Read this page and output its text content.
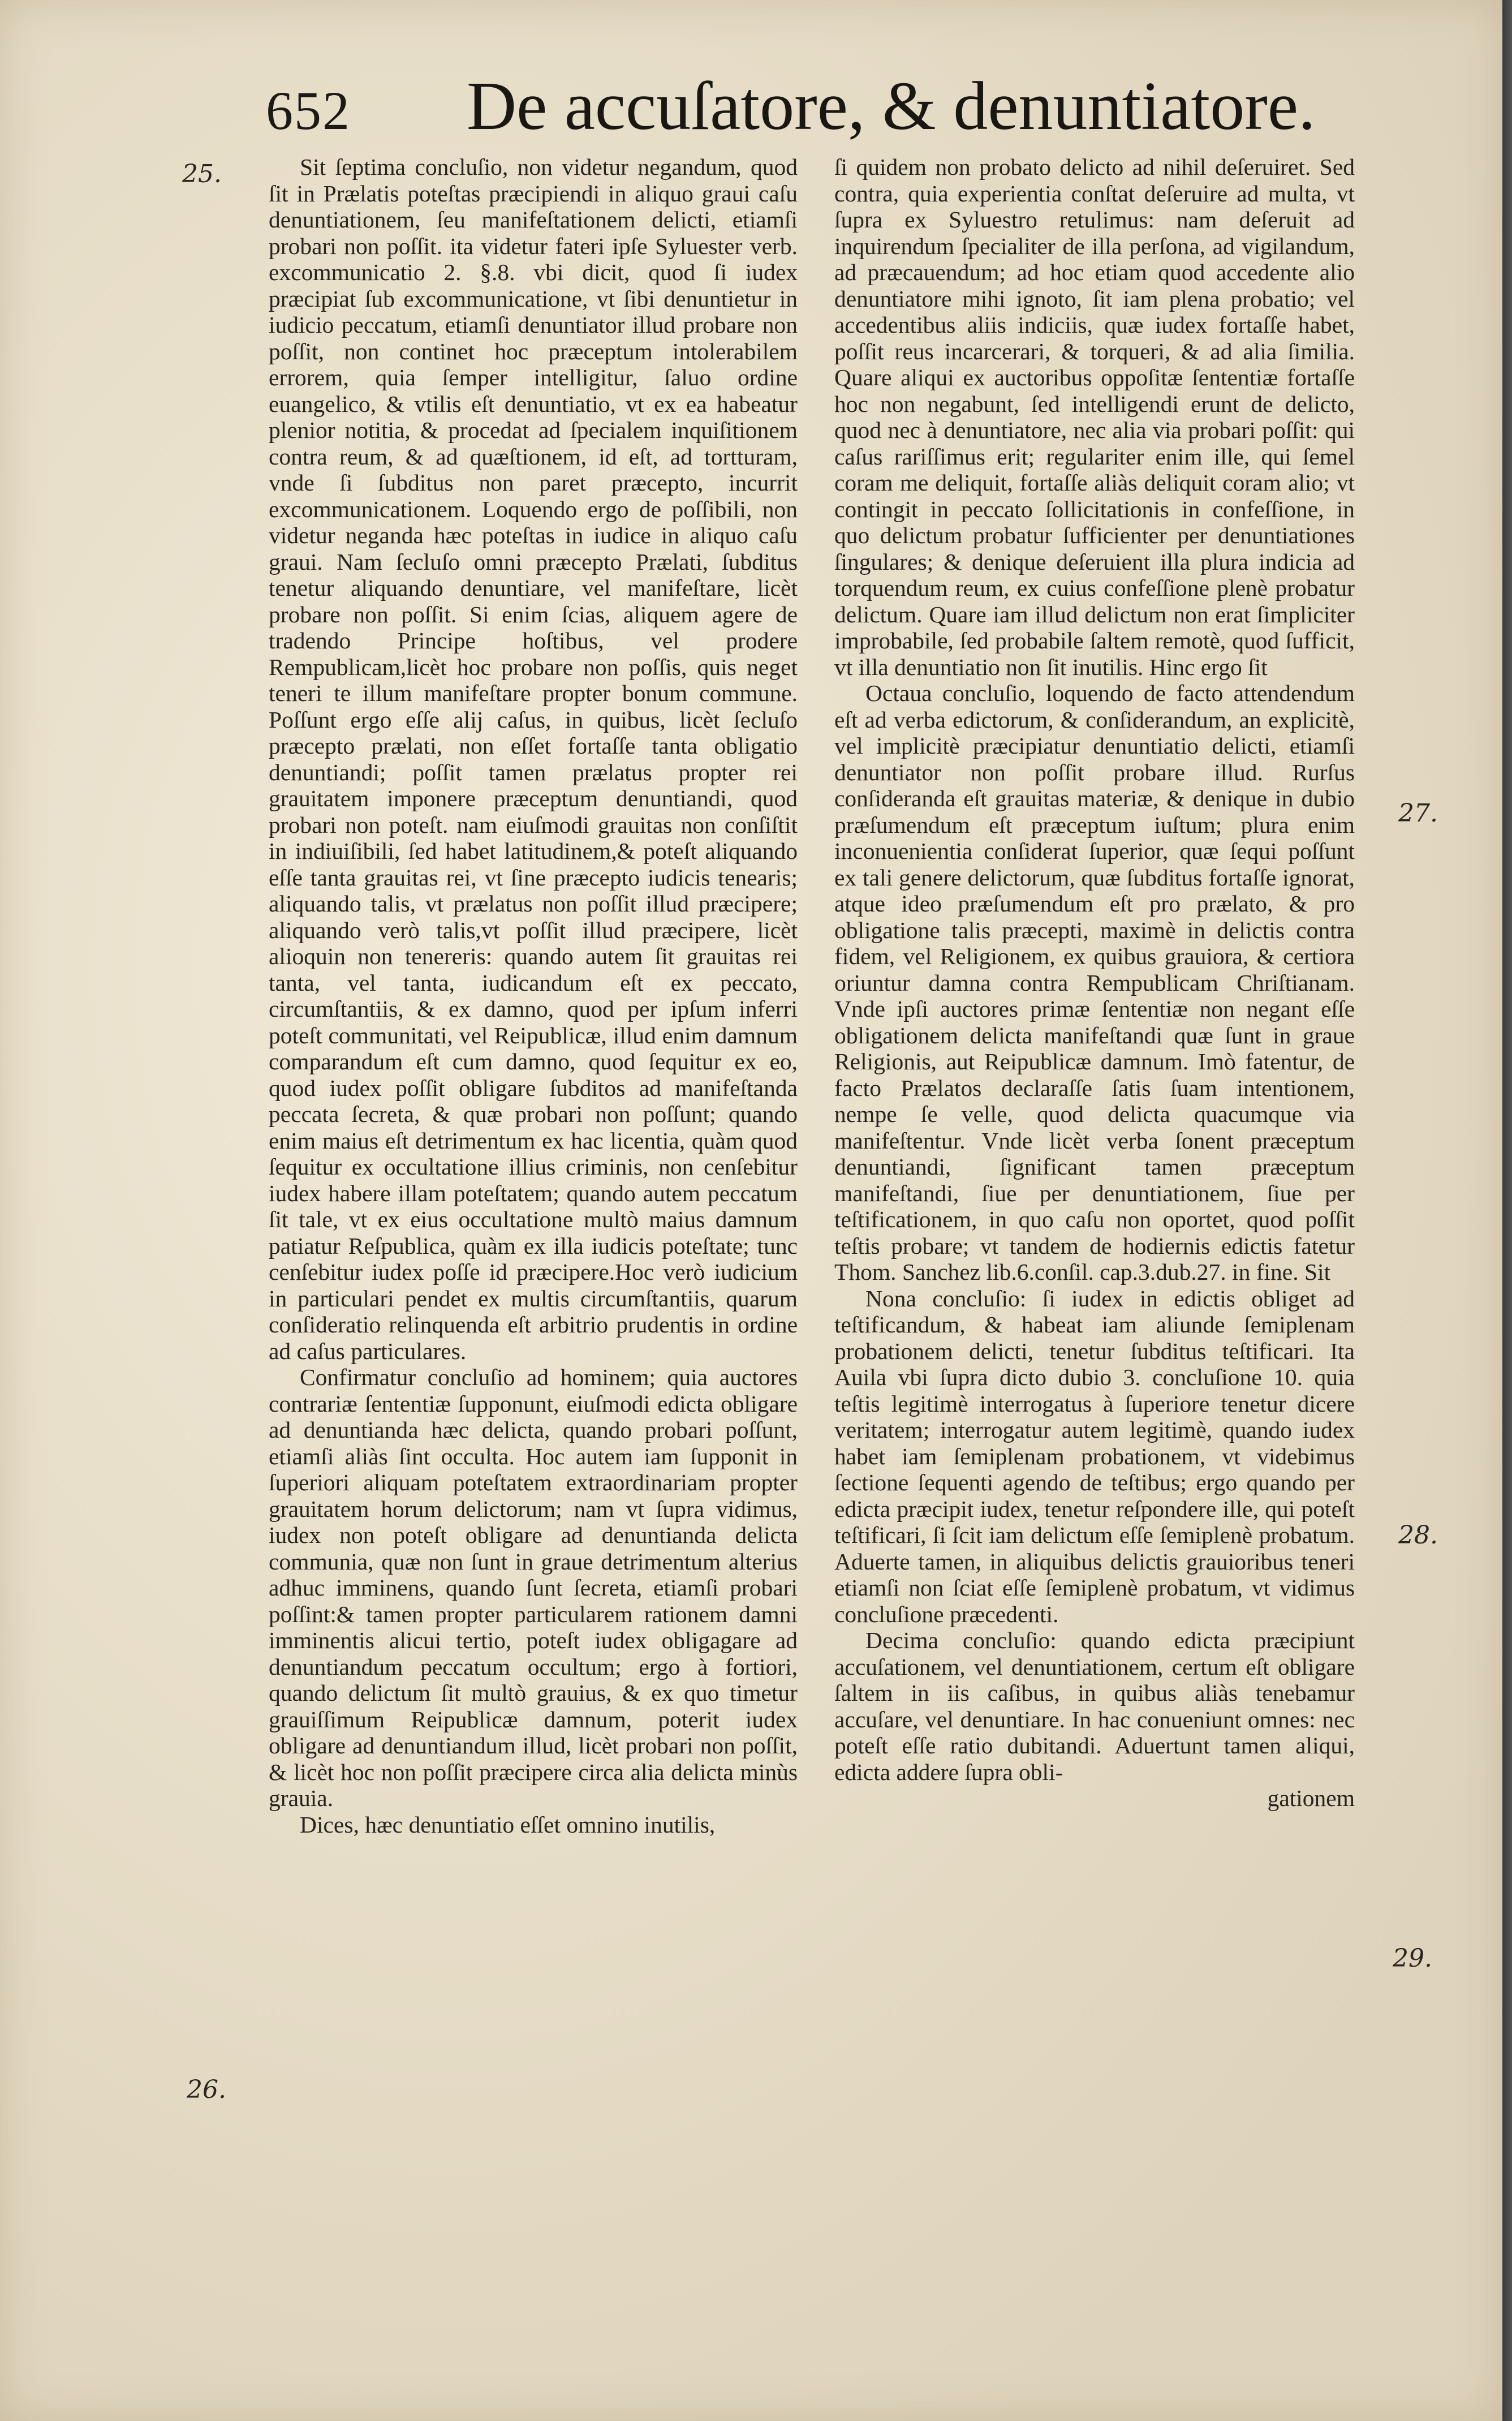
652 De accuſatore, & denuntiatore.
25.
26.
27.
28.
29.

Sit ſeptima concluſio, non videtur negandum, quod ſit in Prælatis poteſtas præcipiendi in aliquo graui caſu denuntiationem, ſeu manifeſtationem delicti, etiamſi probari non poſſit. ita videtur fateri ipſe Syluester verb. excommunicatio 2. §.8. vbi dicit, quod ſi iudex præcipiat ſub excommunicatione, vt ſibi denuntietur in iudicio peccatum, etiamſi denuntiator illud probare non poſſit, non continet hoc præceptum intolerabilem errorem, quia ſemper intelligitur, ſaluo ordine euangelico, & vtilis eſt denuntiatio, vt ex ea habeatur plenior notitia, & procedat ad ſpecialem inquiſitionem contra reum, & ad quæſtionem, id eſt, ad tortturam, vnde ſi ſubditus non paret præcepto, incurrit excommunicationem. Loquendo ergo de poſſibili, non videtur neganda hæc poteſtas in iudice in aliquo caſu graui. Nam ſecluſo omni præcepto Prælati, ſubditus tenetur aliquando denuntiare, vel manifeſtare, licèt probare non poſſit. Si enim ſcias, aliquem agere de tradendo Principe hoſtibus, vel prodere Rempublicam,licèt hoc probare non poſſis, quis neget teneri te illum manifeſtare propter bonum commune. Poſſunt ergo eſſe alij caſus, in quibus, licèt ſecluſo præcepto prælati, non eſſet fortaſſe tanta obligatio denuntiandi; poſſit tamen prælatus propter rei grauitatem imponere præceptum denuntiandi, quod probari non poteſt. nam eiuſmodi grauitas non conſiſtit in indiuiſibili, ſed habet latitudinem,& poteſt aliquando eſſe tanta grauitas rei, vt ſine præcepto iudicis tenearis; aliquando talis, vt prælatus non poſſit illud præcipere; aliquando verò talis,vt poſſit illud præcipere, licèt alioquin non tenereris: quando autem ſit grauitas rei tanta, vel tanta, iudicandum eſt ex peccato, circumſtantiis, & ex damno, quod per ipſum inferri poteſt communitati, vel Reipublicæ, illud enim damnum comparandum eſt cum damno, quod ſequitur ex eo, quod iudex poſſit obligare ſubditos ad manifeſtanda peccata ſecreta, & quæ probari non poſſunt; quando enim maius eſt detrimentum ex hac licentia, quàm quod ſequitur ex occultatione illius criminis, non cenſebitur iudex habere illam poteſtatem; quando autem peccatum ſit tale, vt ex eius occultatione multò maius damnum patiatur Reſpublica, quàm ex illa iudicis poteſtate; tunc cenſebitur iudex poſſe id præcipere.Hoc verò iudicium in particulari pendet ex multis circumſtantiis, quarum conſideratio relinquenda eſt arbitrio prudentis in ordine ad caſus particulares.

Confirmatur concluſio ad hominem; quia auctores contrariæ ſententiæ ſupponunt, eiuſmodi edicta obligare ad denuntianda hæc delicta, quando probari poſſunt, etiamſi aliàs ſint occulta. Hoc autem iam ſupponit in ſuperiori aliquam poteſtatem extraordinariam propter grauitatem horum delictorum; nam vt ſupra vidimus, iudex non poteſt obligare ad denuntianda delicta communia, quæ non ſunt in graue detrimentum alterius adhuc imminens, quando ſunt ſecreta, etiamſi probari poſſint:& tamen propter particularem rationem damni imminentis alicui tertio, poteſt iudex obligagare ad denuntiandum peccatum occultum; ergo à fortiori, quando delictum ſit multò grauius, & ex quo timetur grauiſſimum Reipublicæ damnum, poterit iudex obligare ad denuntiandum illud, licèt probari non poſſit, & licèt hoc non poſſit præcipere circa alia delicta minùs grauia.

Dices, hæc denuntiatio eſſet omnino inutilis,

ſi quidem non probato delicto ad nihil deſeruiret. Sed contra, quia experientia conſtat deſeruire ad multa, vt ſupra ex Syluestro retulimus: nam deſeruit ad inquirendum ſpecialiter de illa perſona, ad vigilandum, ad præcauendum; ad hoc etiam quod accedente alio denuntiatore mihi ignoto, ſit iam plena probatio; vel accedentibus aliis indiciis, quæ iudex fortaſſe habet, poſſit reus incarcerari, & torqueri, & ad alia ſimilia. Quare aliqui ex auctoribus oppoſitæ ſententiæ fortaſſe hoc non negabunt, ſed intelligendi erunt de delicto, quod nec à denuntiatore, nec alia via probari poſſit: qui caſus rariſſimus erit; regulariter enim ille, qui ſemel coram me deliquit, fortaſſe aliàs deliquit coram alio; vt contingit in peccato ſollicitationis in confeſſione, in quo delictum probatur ſufficienter per denuntiationes ſingulares; & denique deſeruient illa plura indicia ad torquendum reum, ex cuius confeſſione plenè probatur delictum. Quare iam illud delictum non erat ſimpliciter improbabile, ſed probabile ſaltem remotè, quod ſufficit, vt illa denuntiatio non ſit inutilis. Hinc ergo ſit

Octaua concluſio, loquendo de facto attendendum eſt ad verba edictorum, & conſiderandum, an explicitè, vel implicitè præcipiatur denuntiatio delicti, etiamſi denuntiator non poſſit probare illud. Rurſus conſideranda eſt grauitas materiæ, & denique in dubio præſumendum eſt præceptum iuſtum; plura enim inconuenientia conſiderat ſuperior, quæ ſequi poſſunt ex tali genere delictorum, quæ ſubditus fortaſſe ignorat, atque ideo præſumendum eſt pro prælato, & pro obligatione talis præcepti, maximè in delictis contra fidem, vel Religionem, ex quibus grauiora, & certiora oriuntur damna contra Rempublicam Chriſtianam. Vnde ipſi auctores primæ ſententiæ non negant eſſe obligationem delicta manifeſtandi quæ ſunt in graue Religionis, aut Reipublicæ damnum. Imò fatentur, de facto Prælatos declaraſſe ſatis ſuam intentionem, nempe ſe velle, quod delicta quacumque via manifeſtentur. Vnde licèt verba ſonent præceptum denuntiandi, ſignificant tamen præceptum manifeſtandi, ſiue per denuntiationem, ſiue per teſtificationem, in quo caſu non oportet, quod poſſit teſtis probare; vt tandem de hodiernis edictis fatetur Thom. Sanchez lib.6.conſil. cap.3.dub.27. in fine. Sit

Nona concluſio: ſi iudex in edictis obliget ad teſtificandum, & habeat iam aliunde ſemiplenam probationem delicti, tenetur ſubditus teſtificari. Ita Auila vbi ſupra dicto dubio 3. concluſione 10. quia teſtis legitimè interrogatus à ſuperiore tenetur dicere veritatem; interrogatur autem legitimè, quando iudex habet iam ſemiplenam probationem, vt videbimus ſectione ſequenti agendo de teſtibus; ergo quando per edicta præcipit iudex, tenetur reſpondere ille, qui poteſt teſtificari, ſi ſcit iam delictum eſſe ſemiplenè probatum. Aduerte tamen, in aliquibus delictis grauioribus teneri etiamſi non ſciat eſſe ſemiplenè probatum, vt vidimus concluſione præcedenti.

Decima concluſio: quando edicta præcipiunt accuſationem, vel denuntiationem, certum eſt obligare ſaltem in iis caſibus, in quibus aliàs tenebamur accuſare, vel denuntiare. In hac conueniunt omnes: nec poteſt eſſe ratio dubitandi. Aduertunt tamen aliqui, edicta addere ſupra obli-

gationem
